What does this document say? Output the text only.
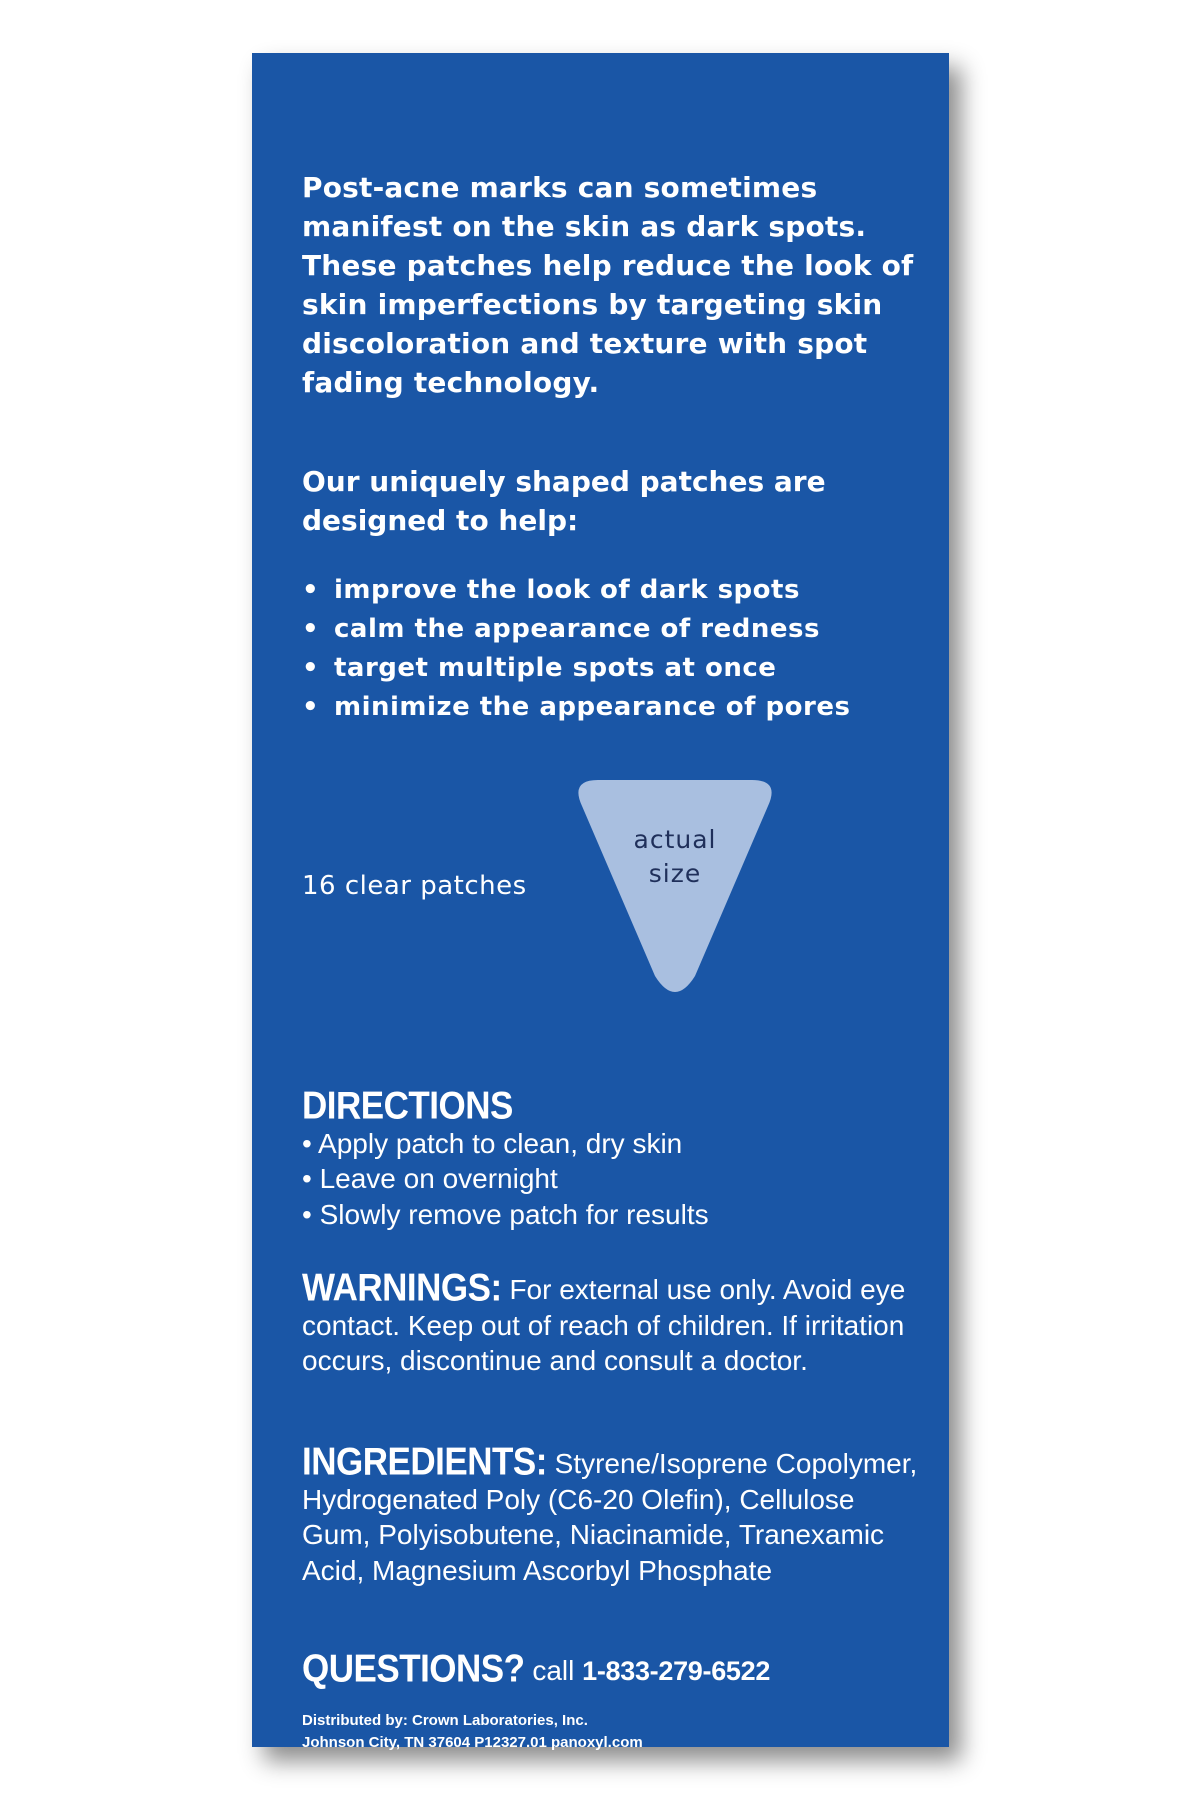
Post-acne marks can sometimes manifest on the skin as dark spots. These patches help reduce the look of skin imperfections by targeting skin discoloration and texture with spot fading technology.

Our uniquely shaped patches are designed to help:

• improve the look of dark spots
• calm the appearance of redness
• target multiple spots at once
• minimize the appearance of pores
16 clear patches
actual
size
DIRECTIONS
• Apply patch to clean, dry skin
• Leave on overnight
• Slowly remove patch for results
WARNINGS: For external use only. Avoid eye contact. Keep out of reach of children. If irritation occurs, discontinue and consult a doctor.
INGREDIENTS: Styrene/Isoprene Copolymer, Hydrogenated Poly (C6-20 Olefin), Cellulose Gum, Polyisobutene, Niacinamide, Tranexamic Acid, Magnesium Ascorbyl Phosphate
QUESTIONS? call 1-833-279-6522
Distributed by: Crown Laboratories, Inc.
Johnson City, TN 37604 P12327.01 panoxyl.com
